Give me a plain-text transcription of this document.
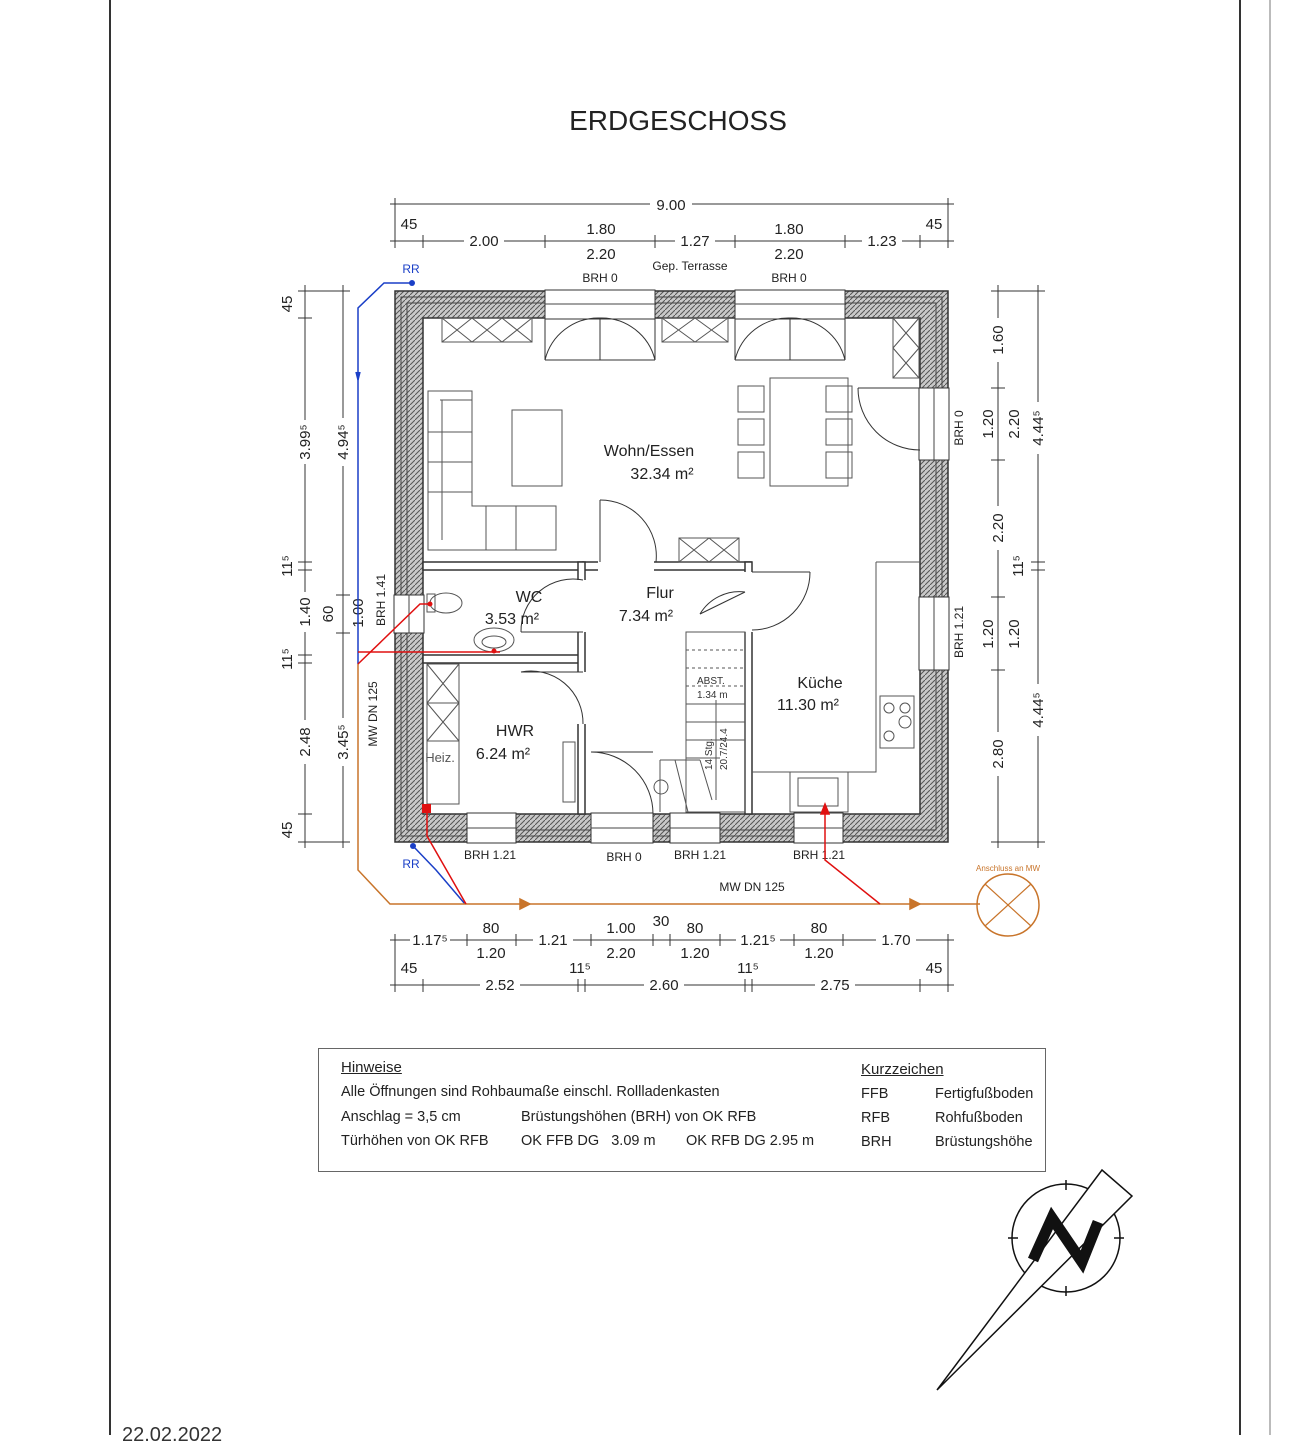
ERDGESCHOSS
9.00
45
2.00
1.80
2.20
1.27
1.80
2.20
1.23
45
BRH 0
Gep. Terrasse
BRH 0
1.17⁵
80
1.20
1.21
1.00
2.20
30 80
1.20
1.21⁵
80
1.20
1.70
45
2.52
11⁵
2.60
11⁵
2.75
45
45
3.99⁵
11⁵
1.40
11⁵
2.48
45
4.94⁵
60 1.00
3.45⁵
1.60
1.20
2.20
1.20
2.80
2.20 4.44⁵
11⁵
1.20
4.44⁵
Wohn/Essen
32.34 m²
WC
3.53 m²
Flur
7.34 m²
Küche
11.30 m²
HWR
6.24 m²
Heiz.
ABST.
1.34 m
14 Stg. 20.7/24.4
BRH 0
BRH 1.21
BRH 1.41
BRH 1.21	BRH 0	BRH 1.21	BRH 1.21
RR
RR
MW DN 125
MW DN 125
Anschluss an MW
Hinweise
Alle Öffnungen sind Rohbaumaße einschl. Rollladenkasten
Anschlag = 3,5 cm	Brüstungshöhen (BRH) von OK RFB
Türhöhen von OK RFB OK FFB DG   3.09 m OK RFB DG 2.95 m
Kurzzeichen
FFB	Fertigfußboden
RFB	Rohfußboden
BRH	Brüstungshöhe
22.02.2022
